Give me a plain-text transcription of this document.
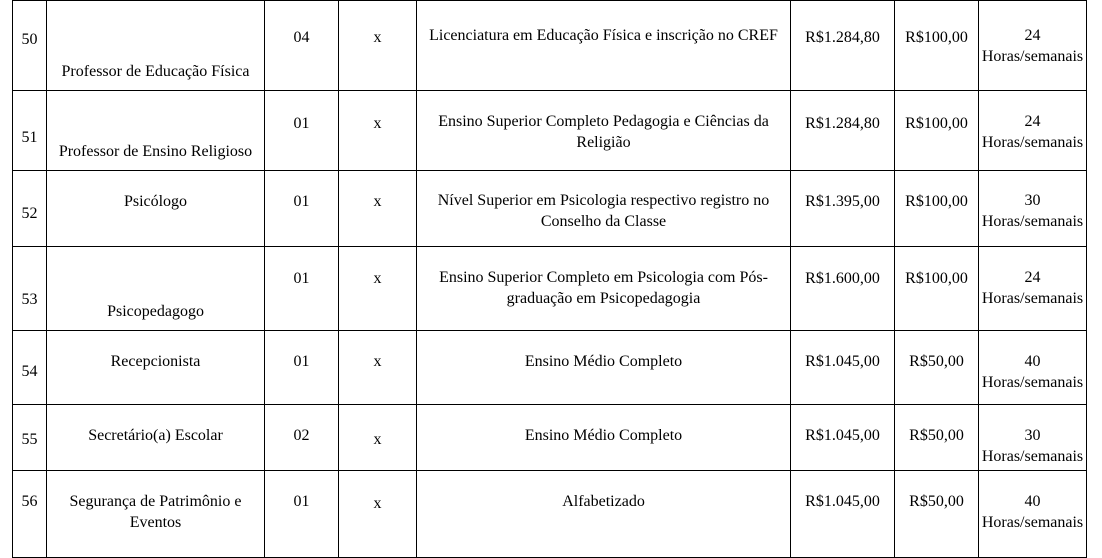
50	Professor de Educação Física	04	x	Licenciatura em Educação Física e inscrição no CREF	R$1.284,80	R$100,00	24
Horas/semanais

51	Professor de Ensino Religioso	01	x	Ensino Superior Completo Pedagogia e Ciências da Religião	R$1.284,80	R$100,00	24
Horas/semanais

52	Psicólogo	01	x	Nível Superior em Psicologia respectivo registro no Conselho da Classe	R$1.395,00	R$100,00	30
Horas/semanais

53	Psicopedagogo	01	x	Ensino Superior Completo em Psicologia com Pós-graduação em Psicopedagogia	R$1.600,00	R$100,00	24
Horas/semanais

54	Recepcionista	01	x	Ensino Médio Completo	R$1.045,00	R$50,00	40
Horas/semanais

55	Secretário(a) Escolar	02	x	Ensino Médio Completo	R$1.045,00	R$50,00	30
Horas/semanais

56	Segurança de Patrimônio e Eventos	01	x	Alfabetizado	R$1.045,00	R$50,00	40
Horas/semanais
